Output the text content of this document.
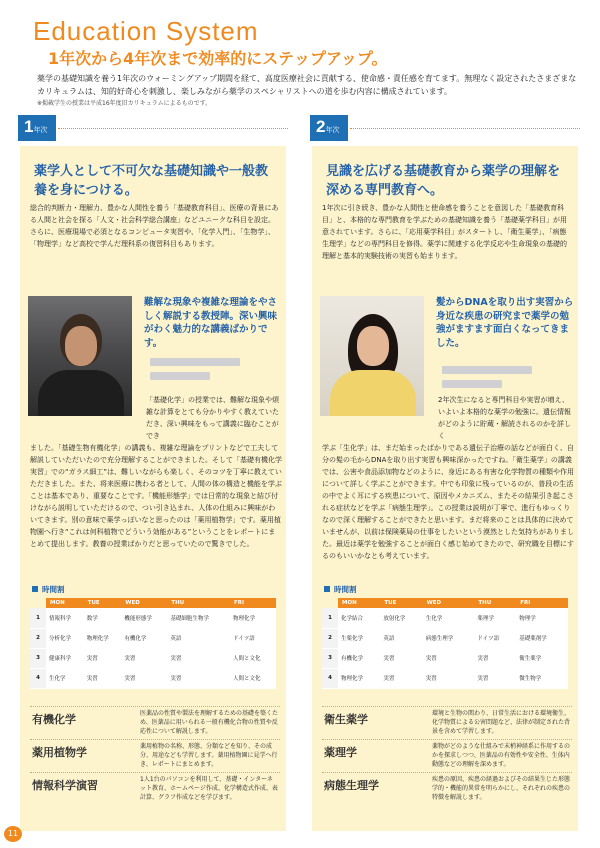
Education System
1年次から4年次まで効率的にステップアップ。
薬学の基礎知識を養う1年次のウォーミングアップ期間を経て、高度医療社会に貢献する、使命感・責任感を育てます。無理なく設定されたさまざまなカリキュラムは、知的好奇心を刺激し、楽しみながら薬学のスペシャリストへの道を歩む内容に構成されています。
※掲載学生の授業は平成16年度旧カリキュラムによるものです。
1年次
薬学人として不可欠な基礎知識や一般教養を身につける。
総合的判断力・理解力、豊かな人間性を養う「基礎教育科目」、医療の背景にある人間と社会を探る「人文・社会科学総合講座」などユニークな科目を設定。さらに、医療現場で必須となるコンピュータ実習や、「化学入門」、「生物学」、「物理学」など高校で学んだ理科系の復習科目もあります。
難解な現象や複雑な理論をやさしく解説する教授陣。深い興味がわく魅力的な講義ばかりです。
「基礎化学」の授業では、難解な現象や煩雑な計算をとても分かりやすく教えていただき、深い興味をもって講義に臨むことができ
ました。「基礎生物有機化学」の講義も、複雑な理論をプリントなどで工夫して解説していただいたので充分理解することができました。そして「基礎有機化学実習」での“ガラス細工”は、難しいながらも楽しく、そのコツを丁寧に教えていただきました。また、将来医療に携わる者として、人間の体の構造と機能を学ぶことは基本であり、重要なことです。「機能形態学」では日常的な現象と結び付けながら説明していただけるので、つい引き込まれ、人体の仕組みに興味がわいてきます。別の意味で薬学っぽいなと思ったのは「薬用植物学」です。薬用植物園へ行き“これは何科植物でどういう効能がある”ということをレポートにまとめて提出します。教養の授業ばかりだと思っていたので驚きでした。
時間割
	MON	TUE	WED	THU	FRI
1	情報科学	数学	機能形態学	基礎細胞生物学	物理化学
2	分析化学	物理化学	有機化学	英語	ドイツ語
3	健康科学	実習	実習	実習	人間と文化
4	生化学	実習	実習	実習	人間と文化
有機化学	医薬品の性質や製法を理解するための基礎を築くため、医薬品に用いられる一般有機化合物の性質や反応性について解説します。
薬用植物学	薬用植物の名称、形態、分類などを知り、その成分、用途なども学習します。薬用植物園に見学へ行き、レポートにまとめます。
情報科学演習	1人1台のパソコンを利用して、基礎・インターネット教育、ホームページ作成、化学構造式作成、表計算、グラフ作成などを学びます。
2年次
見識を広げる基礎教育から薬学の理解を深める専門教育へ。
1年次に引き続き、豊かな人間性と使命感を養うことを意図した「基礎教育科目」と、本格的な専門教育を学ぶための基礎知識を養う「基礎薬学科目」が用意されています。さらに、「応用薬学科目」がスタートし、「衛生薬学」、「病態生理学」などの専門科目を修得。薬学に関連する化学反応や生命現象の基礎的理解と基本的実験技術の実習も始まります。
髪からDNAを取り出す実習から身近な疾患の研究まで薬学の勉強がますます面白くなってきました。
2年次生になると専門科目や実習が増え、いよいよ本格的な薬学の勉強に。遺伝情報がどのように貯蔵・解読されるのかを詳しく
学ぶ「生化学」は、まだ始まったばかりである遺伝子治療の話などが面白く、自分の髪の毛からDNAを取り出す実習も興味深かったですね。「衛生薬学」の講義では、公害や食品添加物などのように、身近にある有害な化学物質の種類や作用について詳しく学ぶことができます。中でも印象に残っているのが、普段の生活の中でよく耳にする疾患について、原因やメカニズム、またその結果引き起こされる症状などを学ぶ「病態生理学」。この授業は説明が丁寧で、進行もゆっくりなので深く理解することができたと思います。まだ将来のことは具体的に決めていませんが、以前は保険薬局の仕事をしたいという漠然とした気持ちがありました。最近は薬学を勉強することが面白く感じ始めてきたので、研究職を目標にするのもいいかなとも考えています。
時間割
	MON	TUE	WED	THU	FRI
1	化学結合	放射化学	生化学	薬理学	物理学
2	生薬化学	英語	病態生理学	ドイツ語	基礎薬剤学
3	有機化学	実習	実習	実習	衛生薬学
4	物理化学	実習	実習	実習	微生物学
衛生薬学	環境と生物の関わり、日常生活における環境衛生、化学物質による公害問題など、法律が制定された背景を含めて学習します。
薬理学	薬物がどのような仕組みで末梢神経系に作用するのかを探求しつつ、医薬品の有効性や安全性、生体内動態などの理解を深めます。
病態生理学	疾患の原因、疾患の経過およびその結果生じた形態学的・機能的異常を明らかにし、それぞれの疾患の特徴を解説します。
11
